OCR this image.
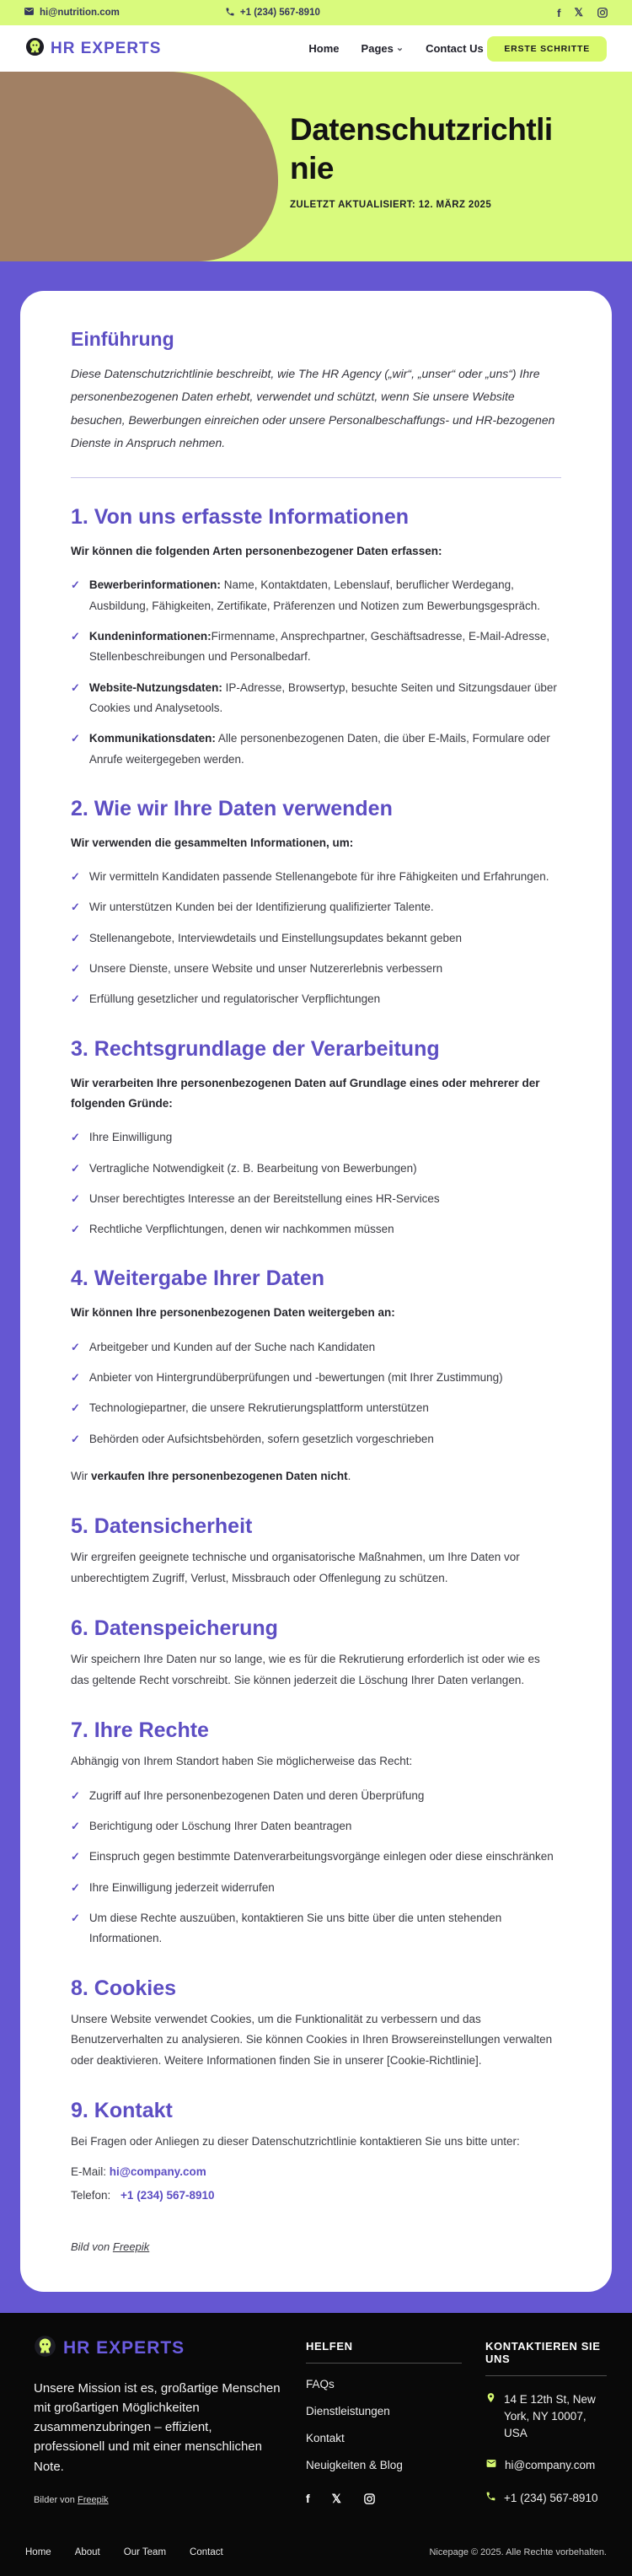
hi@nutrition.com	+1 (234) 567-8910	f 𝕏
HR EXPERTS	Home Pages ⌄ Contact Us	ERSTE SCHRITTE
Datenschutzrichtlinie
ZULETZT AKTUALISIERT: 12. MÄRZ 2025
Einführung

Diese Datenschutzrichtlinie beschreibt, wie The HR Agency („wir“, „unser“ oder „uns“) Ihre personenbezogenen Daten erhebt, verwendet und schützt, wenn Sie unsere Website besuchen, Bewerbungen einreichen oder unsere Personalbeschaffungs- und HR-bezogenen Dienste in Anspruch nehmen.

1. Von uns erfasste Informationen

Wir können die folgenden Arten personenbezogener Daten erfassen:

✓ Bewerberinformationen: Name, Kontaktdaten, Lebenslauf, beruflicher Werdegang, Ausbildung, Fähigkeiten, Zertifikate, Präferenzen und Notizen zum Bewerbungsgespräch.
✓ Kundeninformationen:Firmenname, Ansprechpartner, Geschäftsadresse, E-Mail-Adresse, Stellenbeschreibungen und Personalbedarf.
✓ Website-Nutzungsdaten: IP-Adresse, Browsertyp, besuchte Seiten und Sitzungsdauer über Cookies und Analysetools.
✓ Kommunikationsdaten: Alle personenbezogenen Daten, die über E-Mails, Formulare oder Anrufe weitergegeben werden.
2. Wie wir Ihre Daten verwenden

Wir verwenden die gesammelten Informationen, um:

✓ Wir vermitteln Kandidaten passende Stellenangebote für ihre Fähigkeiten und Erfahrungen.
✓ Wir unterstützen Kunden bei der Identifizierung qualifizierter Talente.
✓ Stellenangebote, Interviewdetails und Einstellungsupdates bekannt geben
✓ Unsere Dienste, unsere Website und unser Nutzererlebnis verbessern
✓ Erfüllung gesetzlicher und regulatorischer Verpflichtungen
3. Rechtsgrundlage der Verarbeitung

Wir verarbeiten Ihre personenbezogenen Daten auf Grundlage eines oder mehrerer der folgenden Gründe:

✓ Ihre Einwilligung
✓ Vertragliche Notwendigkeit (z. B. Bearbeitung von Bewerbungen)
✓ Unser berechtigtes Interesse an der Bereitstellung eines HR-Services
✓ Rechtliche Verpflichtungen, denen wir nachkommen müssen
4. Weitergabe Ihrer Daten

Wir können Ihre personenbezogenen Daten weitergeben an:

✓ Arbeitgeber und Kunden auf der Suche nach Kandidaten
✓ Anbieter von Hintergrundüberprüfungen und -bewertungen (mit Ihrer Zustimmung)
✓ Technologiepartner, die unsere Rekrutierungsplattform unterstützen
✓ Behörden oder Aufsichtsbehörden, sofern gesetzlich vorgeschrieben

Wir verkaufen Ihre personenbezogenen Daten nicht.

5. Datensicherheit

Wir ergreifen geeignete technische und organisatorische Maßnahmen, um Ihre Daten vor unberechtigtem Zugriff, Verlust, Missbrauch oder Offenlegung zu schützen.

6. Datenspeicherung

Wir speichern Ihre Daten nur so lange, wie es für die Rekrutierung erforderlich ist oder wie es das geltende Recht vorschreibt. Sie können jederzeit die Löschung Ihrer Daten verlangen.

7. Ihre Rechte

Abhängig von Ihrem Standort haben Sie möglicherweise das Recht:

✓ Zugriff auf Ihre personenbezogenen Daten und deren Überprüfung
✓ Berichtigung oder Löschung Ihrer Daten beantragen
✓ Einspruch gegen bestimmte Datenverarbeitungsvorgänge einlegen oder diese einschränken
✓ Ihre Einwilligung jederzeit widerrufen
✓ Um diese Rechte auszuüben, kontaktieren Sie uns bitte über die unten stehenden Informationen.
8. Cookies

Unsere Website verwendet Cookies, um die Funktionalität zu verbessern und das Benutzerverhalten zu analysieren. Sie können Cookies in Ihren Browsereinstellungen verwalten oder deaktivieren. Weitere Informationen finden Sie in unserer [Cookie-Richtlinie].

9. Kontakt

Bei Fragen oder Anliegen zu dieser Datenschutzrichtlinie kontaktieren Sie uns bitte unter:

E-Mail: hi@company.com

Telefon: +1 (234) 567-8910

Bild von Freepik

HR EXPERTS

Unsere Mission ist es, großartige Menschen mit großartigen Möglichkeiten zusammenzubringen – effizient, professionell und mit einer menschlichen Note.

Bilder von Freepik

HELFEN
FAQs
Dienstleistungen
Kontakt
Neuigkeiten & Blog
f 𝕏
KONTAKTIEREN SIE UNS
14 E 12th St, New York, NY 10007, USA
hi@company.com
+1 (234) 567-8910
Home About Our Team Contact	Nicepage © 2025. Alle Rechte vorbehalten.
